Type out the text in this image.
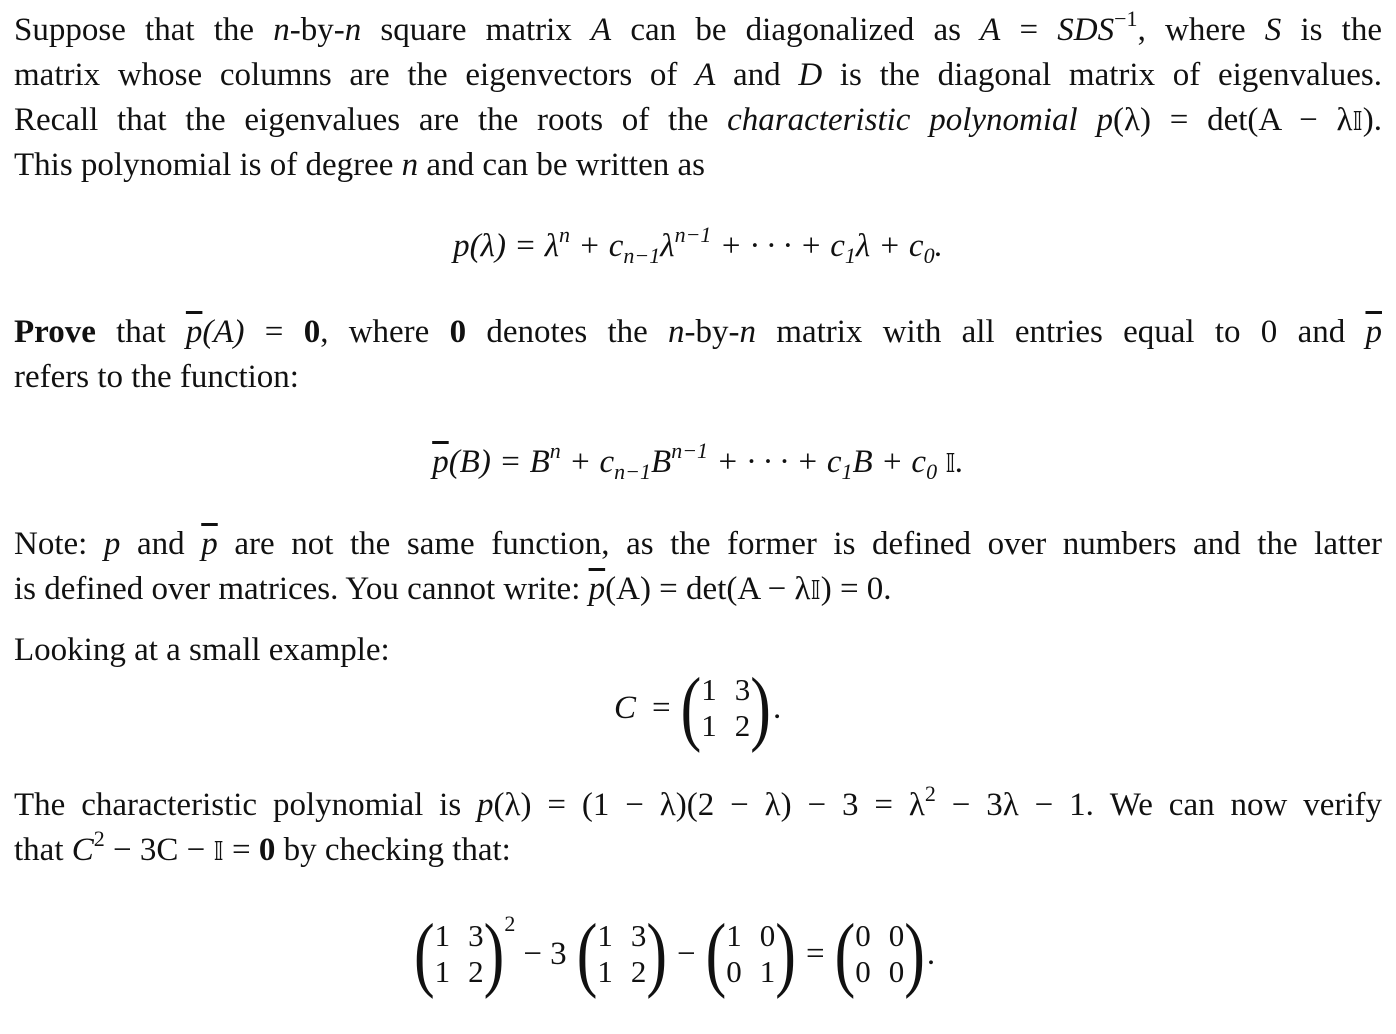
Suppose that the n-by-n square matrix A can be diagonalized as $A = SDS^{-1}$, where S is the
matrix whose columns are the eigenvectors of A and D is the diagonal matrix of eigenvalues.
Recall that the eigenvalues are the roots of the characteristic polynomial p(λ) = det(A − λ𝕀).
This polynomial is of degree n and can be written as
$p(\lambda) = \lambda^n + c_{n-1}\lambda^{n-1}$ + · · · + $c_1\lambda + c_0$.
Prove that $\overline{p}(A) = 0$, where 0 denotes the n-by-n matrix with all entries equal to 0 and $\overline{p}$
refers to the function:
$\overline{p}(B) = B^n + c_{n-1}B^{n-1}$ + · · · + $c_1B + c_0$ 𝕀.
Note: p and $\overline{p}$ are not the same function, as the former is defined over numbers and the latter
is defined over matrices. You cannot write: $\overline{p}(A) = \det(A$ − λ𝕀) = 0.
Looking at a small example:
C = ( 1 3
1 2 ) .
The characteristic polynomial is $p(\lambda) = (1 - \lambda)(2 - \lambda) - 3 = \lambda^2 - 3\lambda - 1$. We can now verify
that $C^2 - 3C$ − 𝕀 = 0 by checking that:
( 1 3
1 2 ) 2
− 3 ( 1 3
1 2 ) − ( 1 0
0 1 ) = ( 0 0
0 0 ) .
